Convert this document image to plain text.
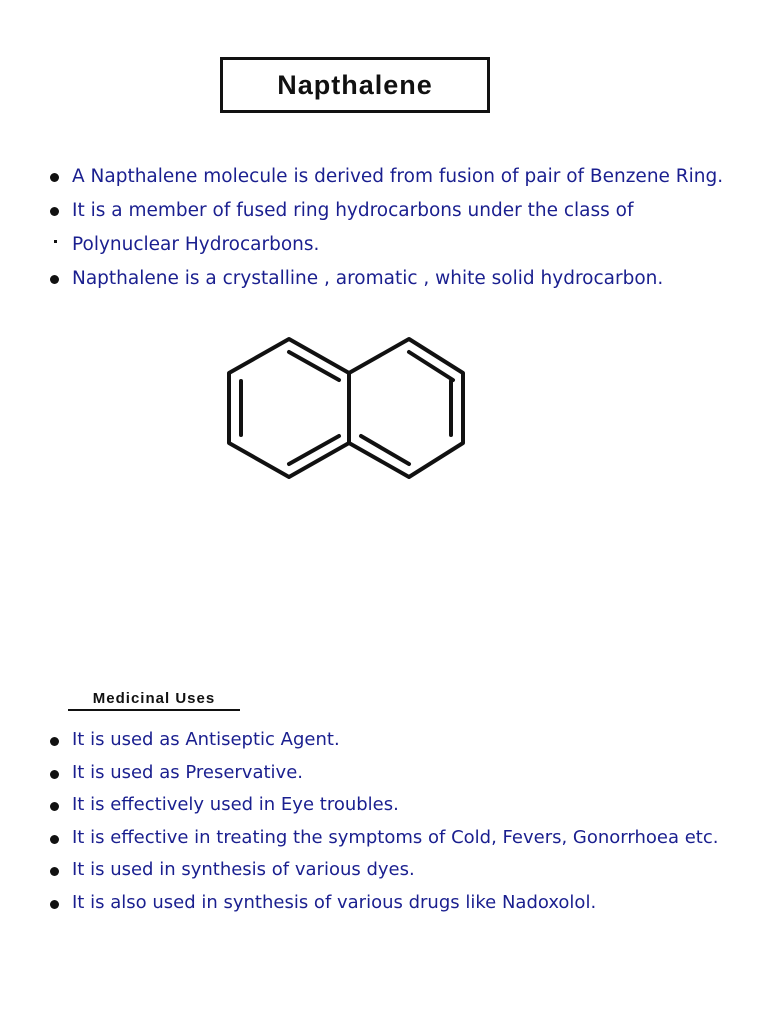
Napthalene
A Napthalene molecule is derived from fusion of pair of Benzene Ring.
It is a member of fused ring hydrocarbons under the class of
Polynuclear Hydrocarbons.
Napthalene is a crystalline , aromatic , white solid hydrocarbon.
Medicinal Uses
It is used as Antiseptic Agent.
It is used as Preservative.
It is effectively used in Eye troubles.
It is effective in treating the symptoms of Cold, Fevers, Gonorrhoea etc.
It is used in synthesis of various dyes.
It is also used in synthesis of various drugs like Nadoxolol.
